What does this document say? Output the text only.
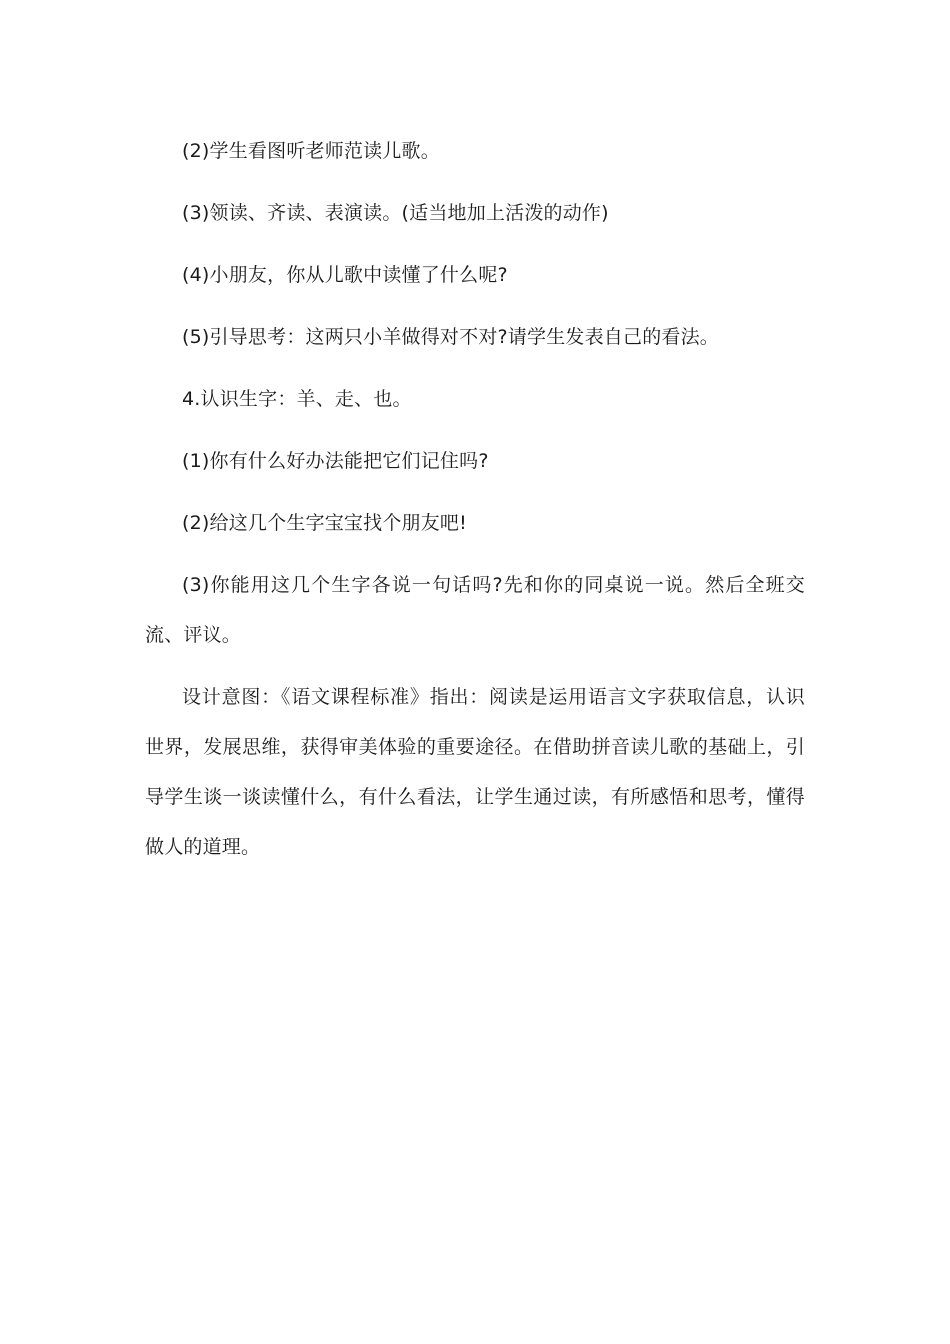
(2)学生看图听老师范读儿歌。

(3)领读、齐读、表演读。(适当地加上活泼的动作)

(4)小朋友，你从儿歌中读懂了什么呢?

(5)引导思考：这两只小羊做得对不对?请学生发表自己的看法。

4.认识生字：羊、走、也。

(1)你有什么好办法能把它们记住吗?

(2)给这几个生字宝宝找个朋友吧!

(3)你能用这几个生字各说一句话吗?先和你的同桌说一说。然后全班交流、评议。

设计意图：《语文课程标准》指出：阅读是运用语言文字获取信息，认识世界，发展思维，获得审美体验的重要途径。在借助拼音读儿歌的基础上，引导学生谈一谈读懂什么，有什么看法，让学生通过读，有所感悟和思考，懂得做人的道理。
